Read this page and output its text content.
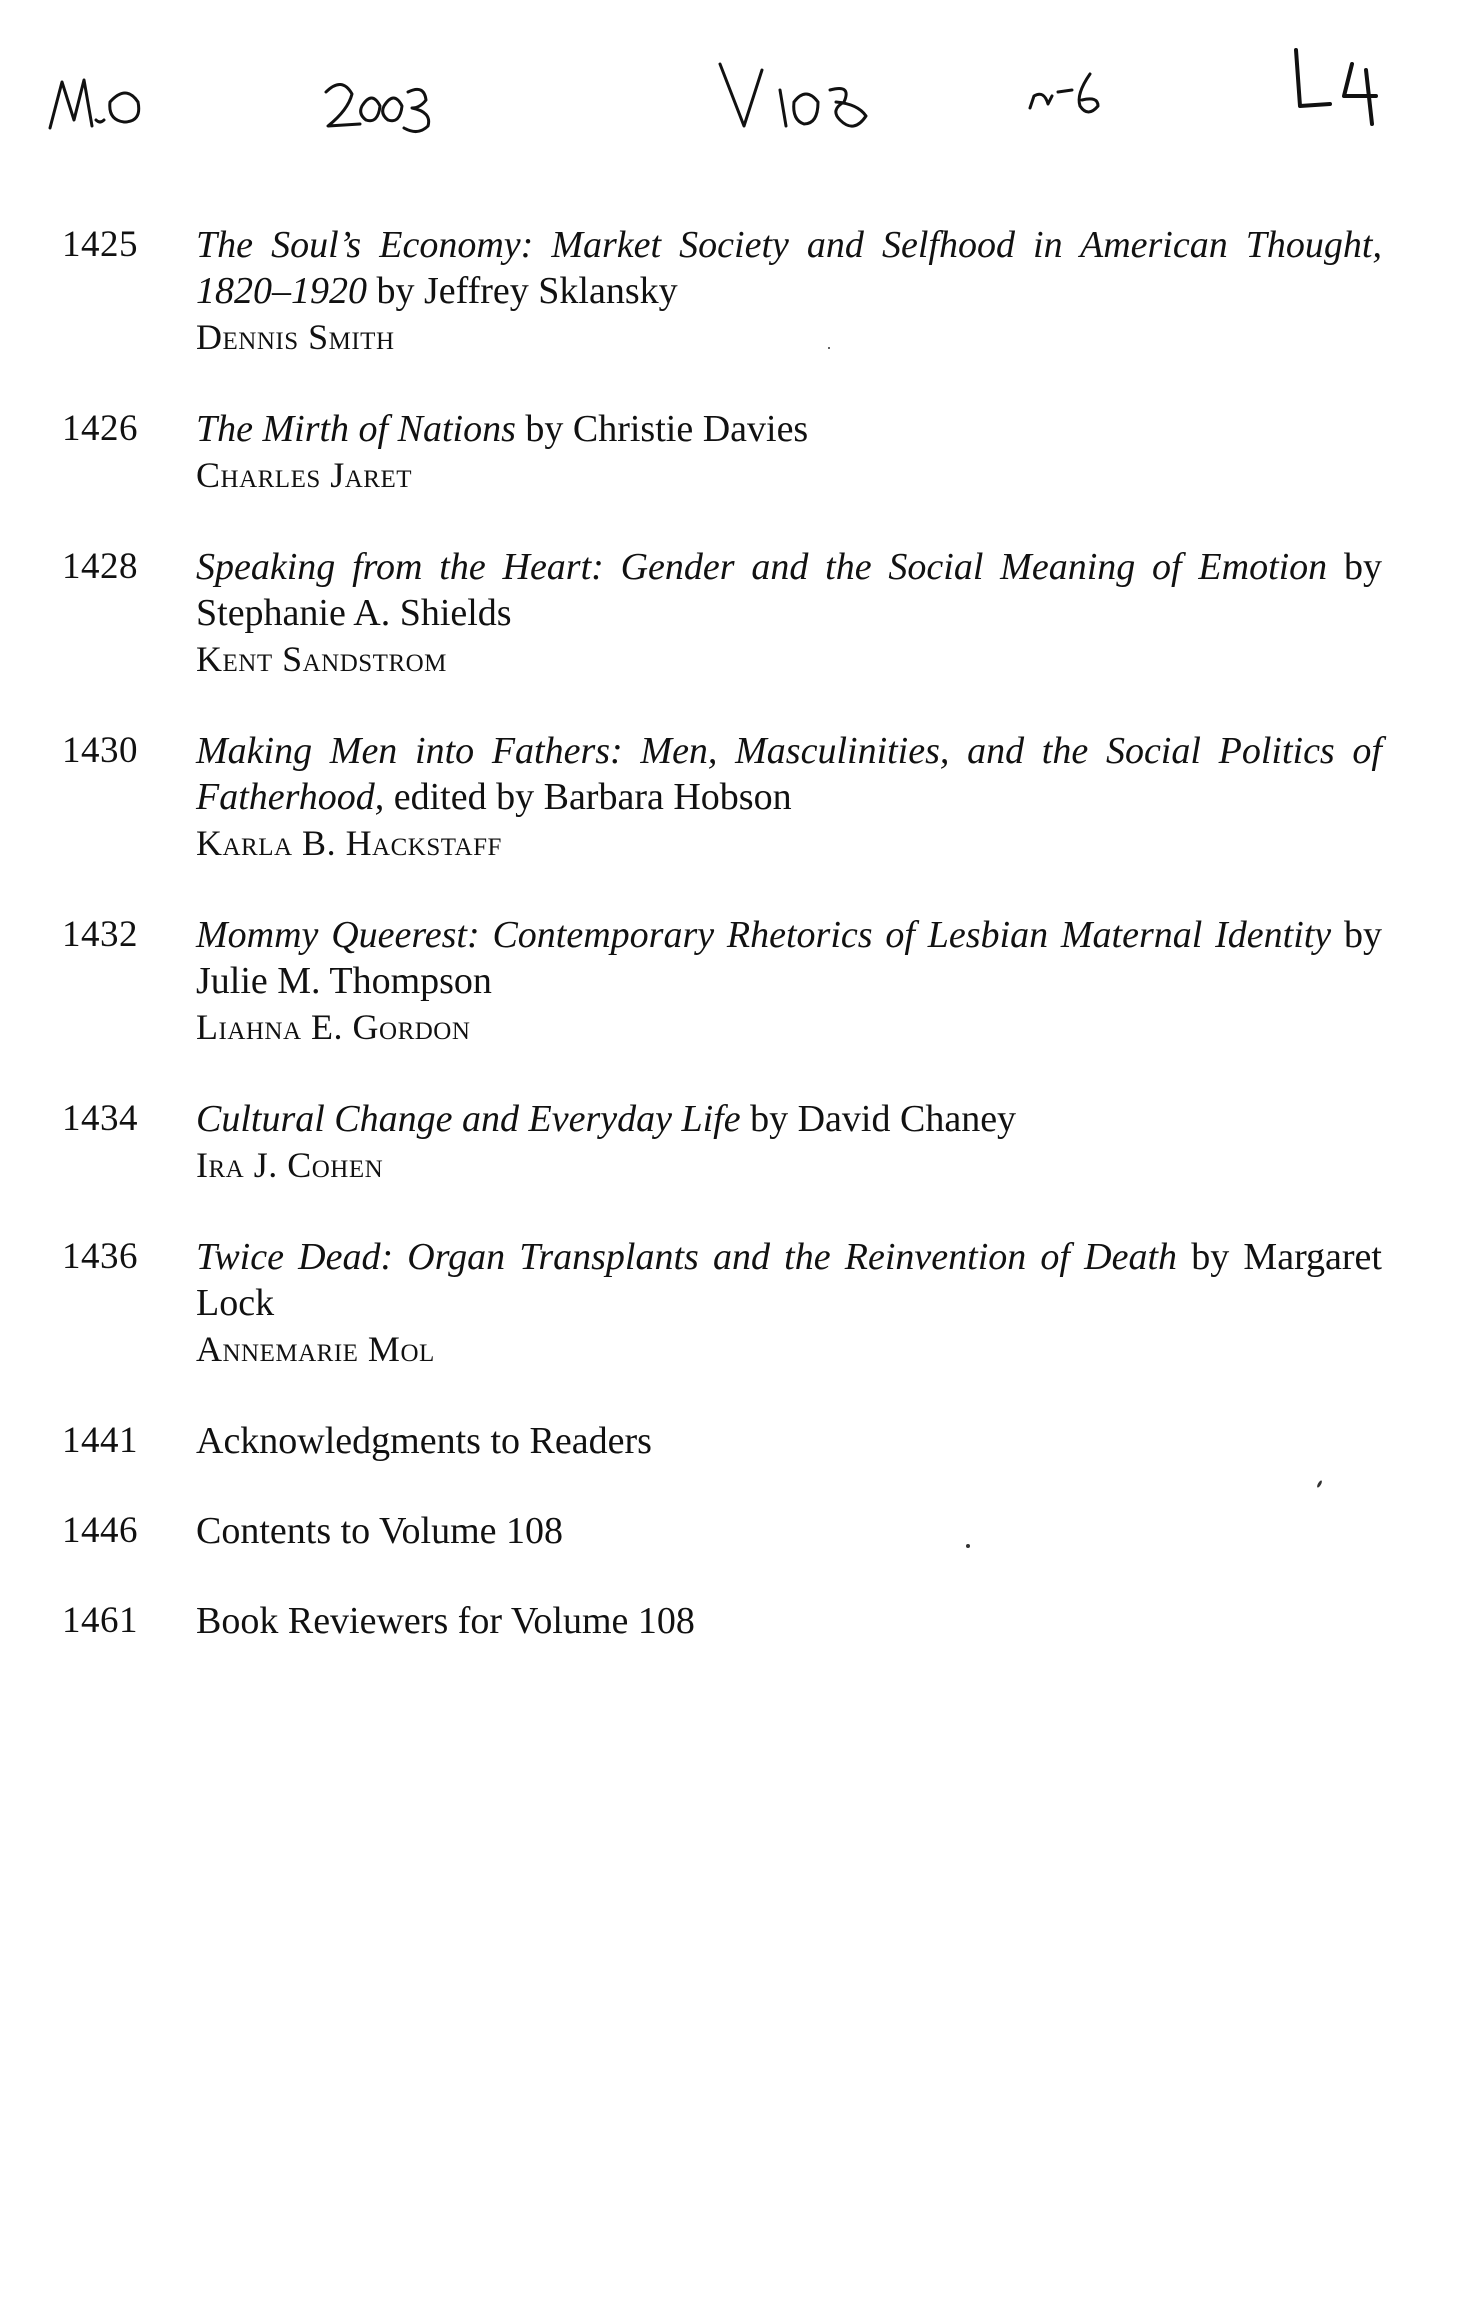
1425	The Soul’s Economy: Market Society and Selfhood in American Thought, 1820–1920 by Jeffrey Sklansky
Dennis Smith
1426	The Mirth of Nations by Christie Davies
Charles Jaret
1428	Speaking from the Heart: Gender and the Social Meaning of Emotion by Stephanie A. Shields
Kent Sandstrom
1430	Making Men into Fathers: Men, Masculinities, and the Social Politics of Fatherhood, edited by Barbara Hobson
Karla B. Hackstaff
1432	Mommy Queerest: Contemporary Rhetorics of Lesbian Maternal Identity by Julie M. Thompson
Liahna E. Gordon
1434	Cultural Change and Everyday Life by David Chaney
Ira J. Cohen
1436	Twice Dead: Organ Transplants and the Reinvention of Death by Margaret Lock
Annemarie Mol
1441	Acknowledgments to Readers
1446	Contents to Volume 108
1461	Book Reviewers for Volume 108
